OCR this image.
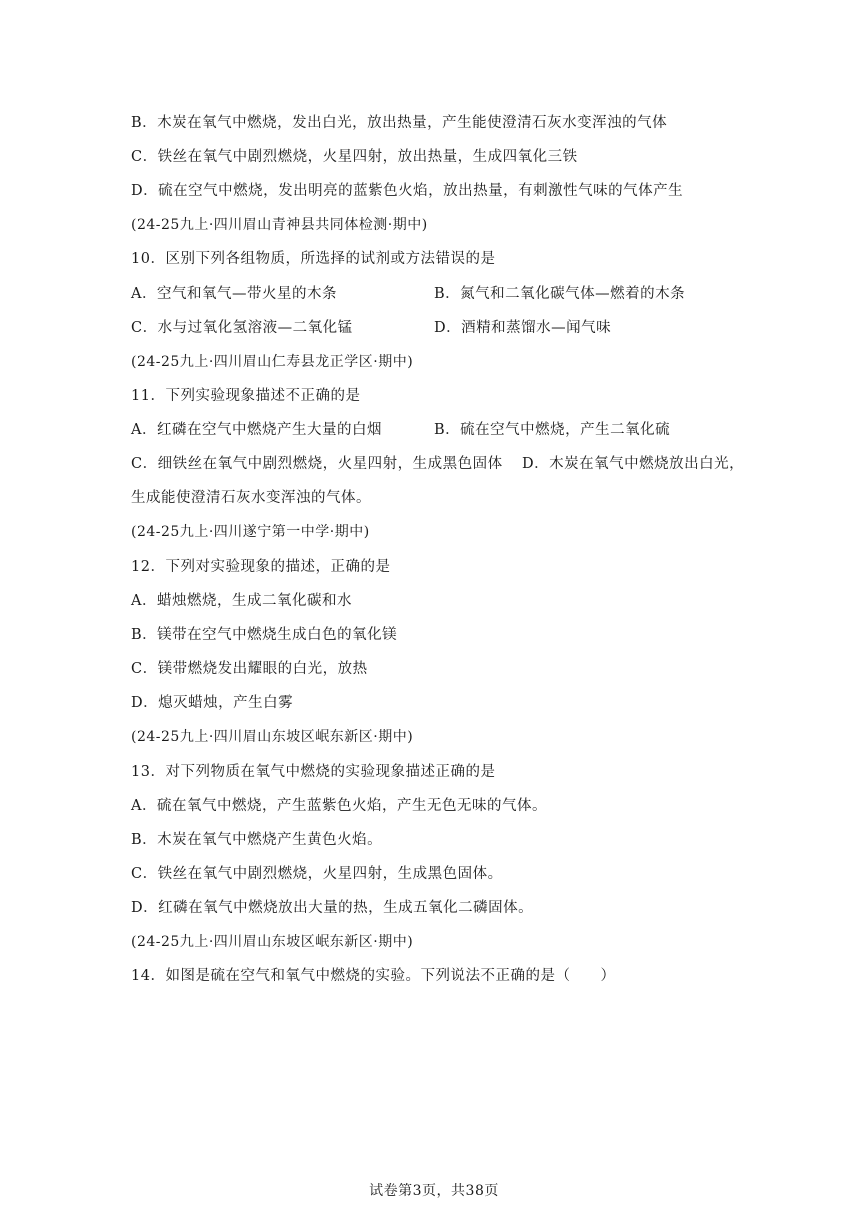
B．木炭在氧气中燃烧，发出白光，放出热量，产生能使澄清石灰水变浑浊的气体
C．铁丝在氧气中剧烈燃烧，火星四射，放出热量，生成四氧化三铁
D．硫在空气中燃烧，发出明亮的蓝紫色火焰，放出热量，有刺激性气味的气体产生
(24-25九上·四川眉山青神县共同体检测·期中)
10．区别下列各组物质，所选择的试剂或方法错误的是
A．空气和氧气—带火星的木条	B．氮气和二氧化碳气体—燃着的木条
C．水与过氧化氢溶液—二氧化锰	D．酒精和蒸馏水—闻气味
(24-25九上·四川眉山仁寿县龙正学区·期中)
11．下列实验现象描述不正确的是
A．红磷在空气中燃烧产生大量的白烟	B．硫在空气中燃烧，产生二氧化硫
C．细铁丝在氧气中剧烈燃烧，火星四射，生成黑色固体 D．木炭在氧气中燃烧放出白光，
生成能使澄清石灰水变浑浊的气体。
(24-25九上·四川遂宁第一中学·期中)
12．下列对实验现象的描述，正确的是
A．蜡烛燃烧，生成二氧化碳和水
B．镁带在空气中燃烧生成白色的氧化镁
C．镁带燃烧发出耀眼的白光，放热
D．熄灭蜡烛，产生白雾
(24-25九上·四川眉山东坡区岷东新区·期中)
13．对下列物质在氧气中燃烧的实验现象描述正确的是
A．硫在氧气中燃烧，产生蓝紫色火焰，产生无色无味的气体。
B．木炭在氧气中燃烧产生黄色火焰。
C．铁丝在氧气中剧烈燃烧，火星四射，生成黑色固体。
D．红磷在氧气中燃烧放出大量的热，生成五氧化二磷固体。
(24-25九上·四川眉山东坡区岷东新区·期中)
14．如图是硫在空气和氧气中燃烧的实验。下列说法不正确的是（　　）
试卷第3页，共38页
